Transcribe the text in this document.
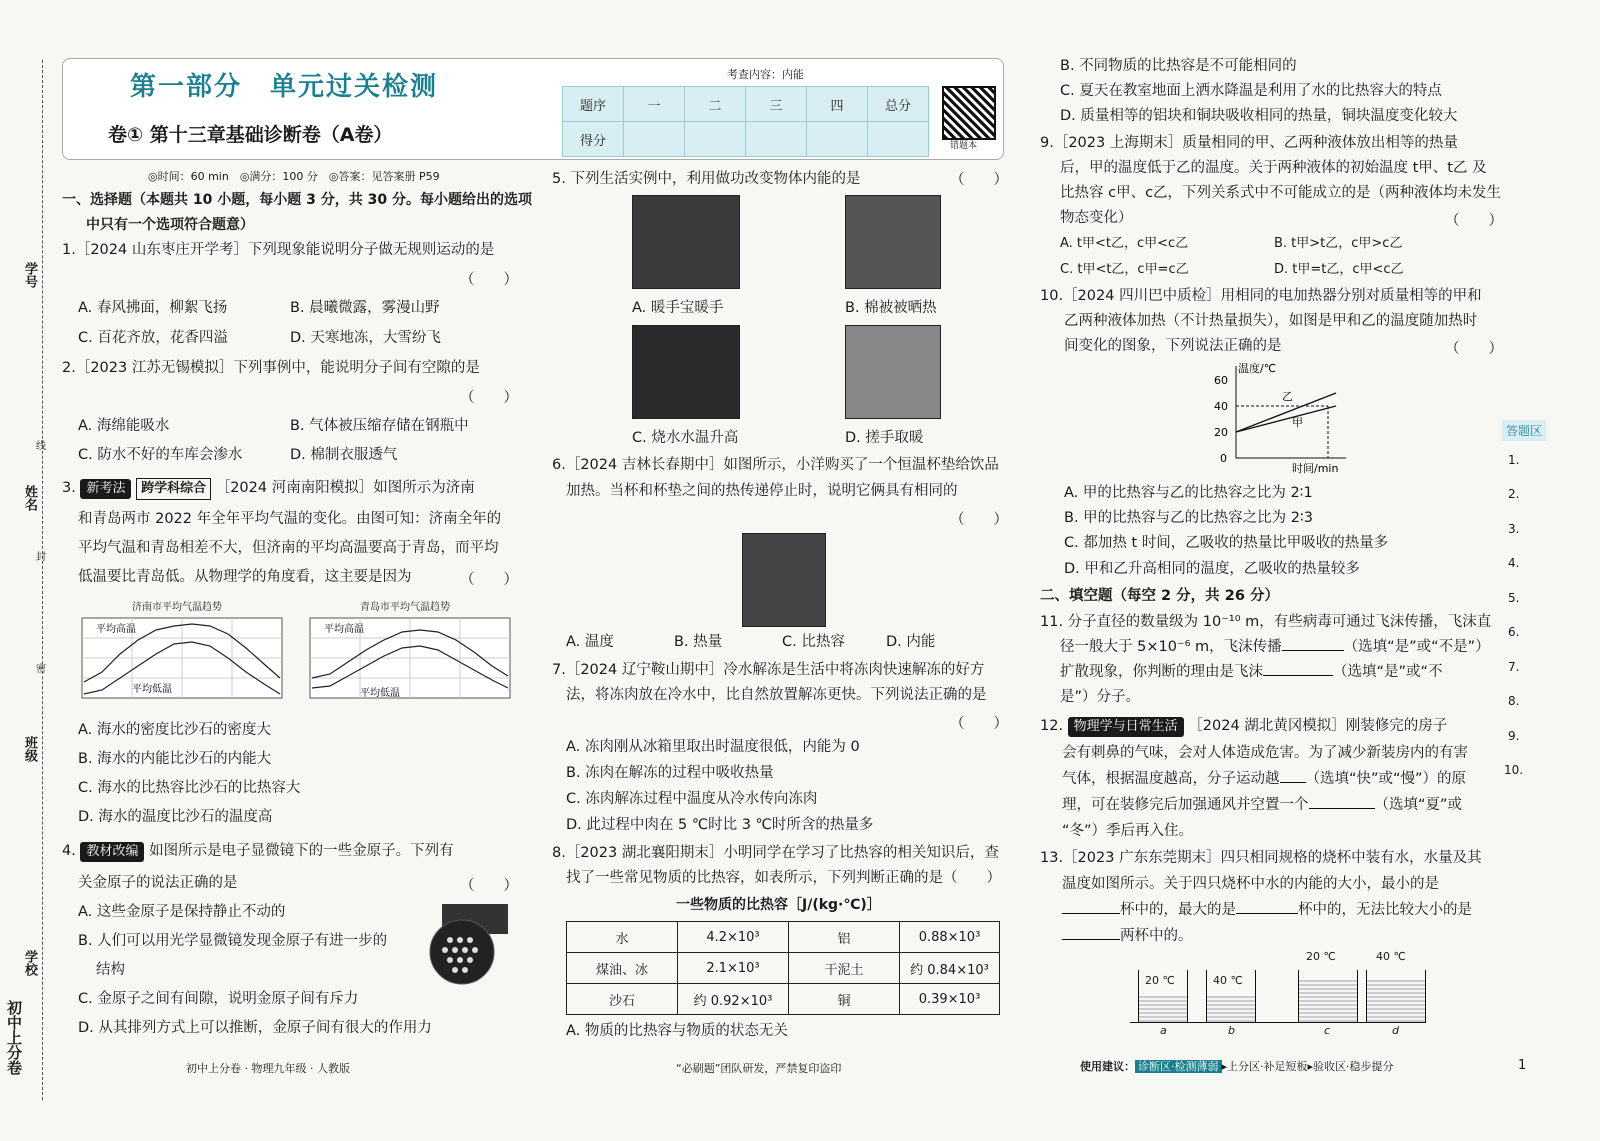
学号
姓名
班级
学校
初中上分卷
线
封
密
第一部分　单元过关检测
卷① 第十三章基础诊断卷（A卷）
考查内容：内能
题序	一	二	三	四	总分
得分						错题本
◎时间：60 min　◎满分：100 分　◎答案：见答案册 P59
一、选择题（本题共 10 小题，每小题 3 分，共 30 分。每小题给出的选项
中只有一个选项符合题意）
1.［2024 山东枣庄开学考］下列现象能说明分子做无规则运动的是
（　　）
A. 春风拂面，柳絮飞扬	B. 晨曦微露，雾漫山野
C. 百花齐放，花香四溢	D. 天寒地冻，大雪纷飞
2.［2023 江苏无锡模拟］下列事例中，能说明分子间有空隙的是
（　　）
A. 海绵能吸水	B. 气体被压缩存储在钢瓶中
C. 防水不好的车库会渗水	D. 棉制衣服透气
3. 新考法 跨学科综合 ［2024 河南南阳模拟］如图所示为济南
和青岛两市 2022 年全年平均气温的变化。由图可知：济南全年的
平均气温和青岛相差不大，但济南的平均高温要高于青岛，而平均
低温要比青岛低。从物理学的角度看，这主要是因为	（　　）
济南市平均气温趋势	青岛市平均气温趋势
平均高温
平均低温
平均高温
平均低温
A. 海水的密度比沙石的密度大
B. 海水的内能比沙石的内能大
C. 海水的比热容比沙石的比热容大
D. 海水的温度比沙石的温度高
4. 教材改编 如图所示是电子显微镜下的一些金原子。下列有
关金原子的说法正确的是	（　　）
A. 这些金原子是保持静止不动的
B. 人们可以用光学显微镜发现金原子有进一步的
结构
C. 金原子之间有间隙，说明金原子间有斥力
D. 从其排列方式上可以推断，金原子间有很大的作用力
5. 下列生活实例中，利用做功改变物体内能的是	（　　）
A. 暖手宝暖手	B. 棉被被晒热
C. 烧水水温升高	D. 搓手取暖
6.［2024 吉林长春期中］如图所示，小洋购买了一个恒温杯垫给饮品
加热。当杯和杯垫之间的热传递停止时，说明它俩具有相同的
（　　）
A. 温度	B. 热量	C. 比热容	D. 内能
7.［2024 辽宁鞍山期中］冷水解冻是生活中将冻肉快速解冻的好方
法，将冻肉放在冷水中，比自然放置解冻更快。下列说法正确的是
（　　）
A. 冻肉刚从冰箱里取出时温度很低，内能为 0
B. 冻肉在解冻的过程中吸收热量
C. 冻肉解冻过程中温度从冷水传向冻肉
D. 此过程中肉在 5 ℃时比 3 ℃时所含的热量多
8.［2023 湖北襄阳期末］小明同学在学习了比热容的相关知识后，查
找了一些常见物质的比热容，如表所示，下列判断正确的是（　　）
一些物质的比热容［J/(kg·℃)］
水	4.2×10³	铝	0.88×10³
煤油、冰	2.1×10³	干泥土	约 0.84×10³
沙石	约 0.92×10³	铜	0.39×10³
A. 物质的比热容与物质的状态无关
B. 不同物质的比热容是不可能相同的
C. 夏天在教室地面上洒水降温是利用了水的比热容大的特点
D. 质量相等的铝块和铜块吸收相同的热量，铜块温度变化较大
9.［2023 上海期末］质量相同的甲、乙两种液体放出相等的热量
后，甲的温度低于乙的温度。关于两种液体的初始温度 t甲、t乙 及
比热容 c甲、c乙，下列关系式中不可能成立的是（两种液体均未发生
物态变化）	（　　）
A. t甲<t乙，c甲<c乙	B. t甲>t乙，c甲>c乙
C. t甲<t乙，c甲=c乙	D. t甲=t乙，c甲<c乙
10.［2024 四川巴中质检］用相同的电加热器分别对质量相等的甲和
乙两种液体加热（不计热量损失），如图是甲和乙的温度随加热时
间变化的图象，下列说法正确的是	（　　）
温度/℃
时间/min
60
40
20
0
乙
甲
A. 甲的比热容与乙的比热容之比为 2∶1
B. 甲的比热容与乙的比热容之比为 2∶3
C. 都加热 t 时间，乙吸收的热量比甲吸收的热量多
D. 甲和乙升高相同的温度，乙吸收的热量较多
二、填空题（每空 2 分，共 26 分）
11. 分子直径的数量级为 10⁻¹⁰ m，有些病毒可通过飞沫传播，飞沫直
径一般大于 5×10⁻⁶ m，飞沫传播	（选填“是”或“不是”）
扩散现象，你判断的理由是飞沫	（选填“是”或“不
是”）分子。
12. 物理学与日常生活 ［2024 湖北黄冈模拟］刚装修完的房子
会有刺鼻的气味，会对人体造成危害。为了减少新装房内的有害
气体，根据温度越高，分子运动越 （选填“快”或“慢”）的原
理，可在装修完后加强通风并空置一个	（选填“夏”或
“冬”）季后再入住。
13.［2023 广东东莞期末］四只相同规格的烧杯中装有水，水量及其
温度如图所示。关于四只烧杯中水的内能的大小，最小的是
杯中的，最大的是	杯中的，无法比较大小的是
两杯中的。
20 ℃	40 ℃
20 ℃	40 ℃
a	b	c	d
答题区
1.
2.
3.
4.
5.
6.
7.
8.
9.
10.
初中上分卷 · 物理九年级 · 人教版	“必刷题”团队研发，严禁复印盗印	使用建议： 诊断区·检测薄弱 ▸上分区·补足短板▸验收区·稳步提分	1
